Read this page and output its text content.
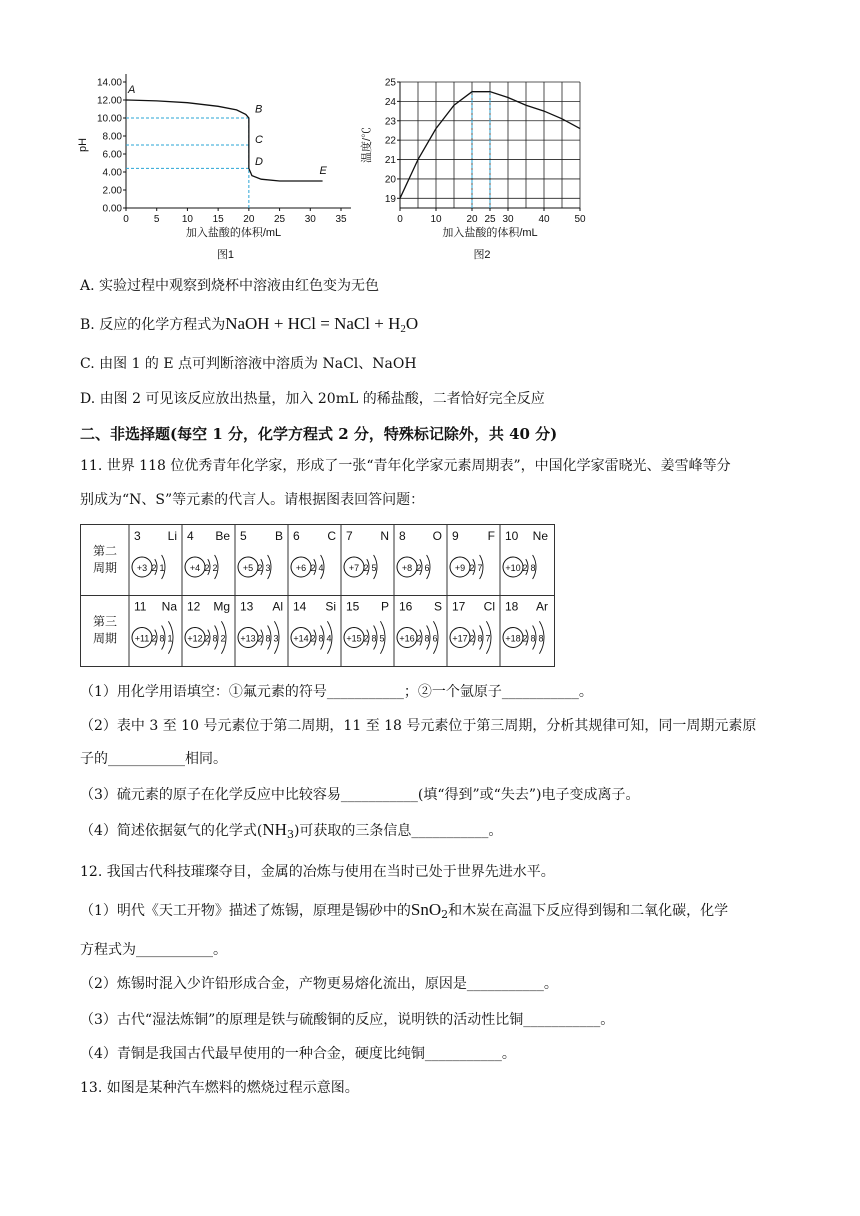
0	5 10 15 20 25 30 35
0.00
2.00
4.00
6.00
8.00
10.00
12.00
14.00
A
B
C
D
E
加入盐酸的体积/mL
pH
图1
0	10 20 25 30 40 50
19
20
21
22
23
24
25
加入盐酸的体积/mL
温度/℃
图2
A. 实验过程中观察到烧杯中溶液由红色变为无色
B. 反应的化学方程式为NaOH + HCl = NaCl + $H_2O$
C. 由图 1 的 E 点可判断溶液中溶质为 NaCl、NaOH
D. 由图 2 可见该反应放出热量，加入 20mL 的稀盐酸，二者恰好完全反应
二、非选择题(每空 1 分，化学方程式 2 分，特殊标记除外，共 40 分)
11. 世界 118 位优秀青年化学家，形成了一张“青年化学家元素周期表”，中国化学家雷晓光、姜雪峰等分
别成为“N、S”等元素的代言人。请根据图表回答问题：
第二
周期
第三
周期
3 Li
+3 2 1
4 Be
+4 2 2
5 B
+5 2 3
6 C
+6 2 4
7 N
+7 2 5
8 O
+8 2 6
9 F
+9 2 7
10 Ne
+10 2 8
11 Na
+11 2 8 1
12 Mg
+12 2 8 2
13 Al
+13 2 8 3
14 Si
+14 2 8 4
15 P
+15 2 8 5
16 S
+16 2 8 6
17 Cl
+17 2 8 7
18 Ar
+18 2 8 8
（1）用化学用语填空：①氟元素的符号___________；②一个氩原子___________。
（2）表中 3 至 10 号元素位于第二周期，11 至 18 号元素位于第三周期，分析其规律可知，同一周期元素原
子的___________相同。
（3）硫元素的原子在化学反应中比较容易___________(填“得到”或“失去”)电子变成离子。
（4）简述依据氨气的化学式$(NH_3)$可获取的三条信息___________。
12. 我国古代科技璀璨夺目，金属的冶炼与使用在当时已处于世界先进水平。
（1）明代《天工开物》描述了炼锡，原理是锡砂中的SnO$_2$和木炭在高温下反应得到锡和二氧化碳，化学
方程式为___________。
（2）炼锡时混入少许铅形成合金，产物更易熔化流出，原因是___________。
（3）古代“湿法炼铜”的原理是铁与硫酸铜的反应，说明铁的活动性比铜___________。
（4）青铜是我国古代最早使用的一种合金，硬度比纯铜___________。
13. 如图是某种汽车燃料的燃烧过程示意图。
